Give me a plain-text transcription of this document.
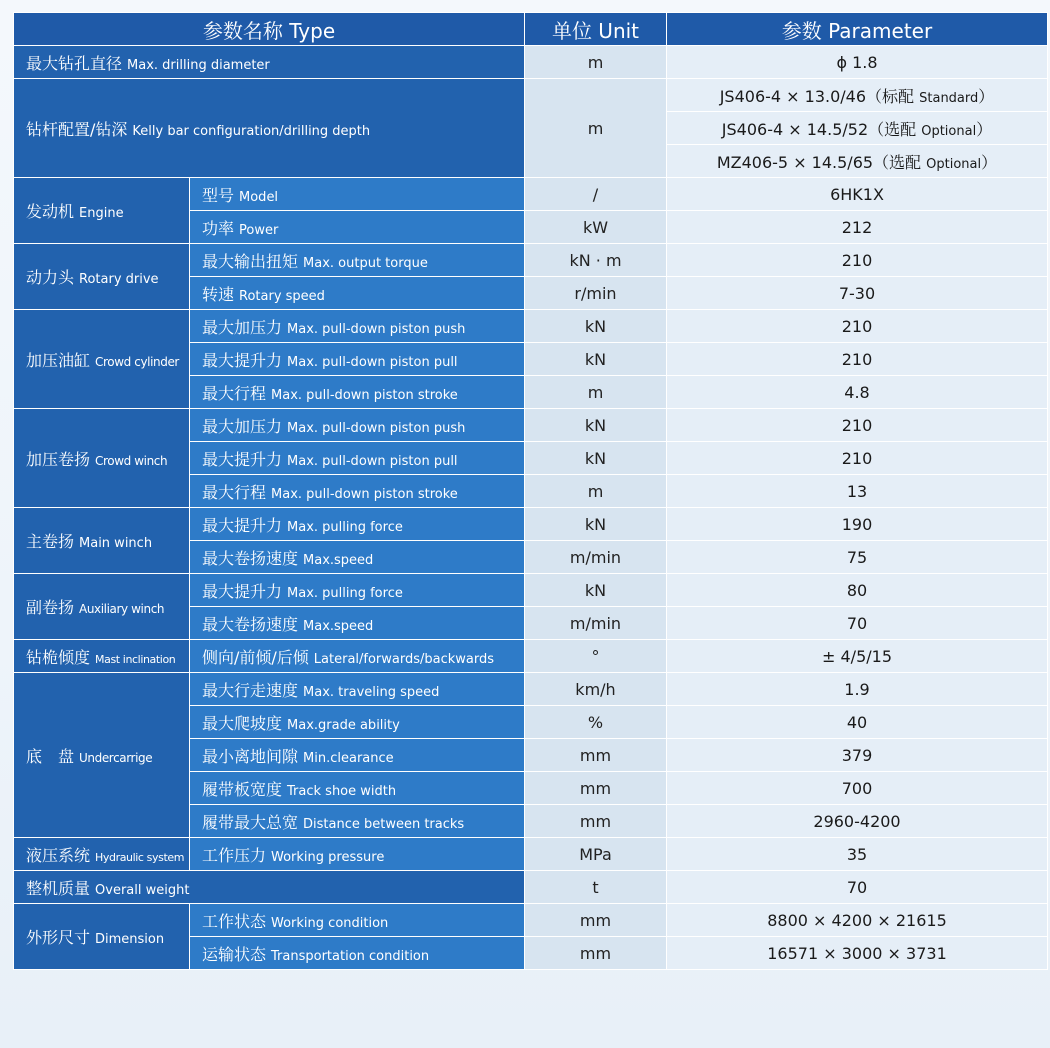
参数名称 Type		单位 Unit	参数 Parameter
最大钻孔直径 Max. drilling diameter		m	ϕ 1.8
钻杆配置/钻深 Kelly bar configuration/drilling depth		m	JS406-4 × 13.0/46（标配 Standard）
			JS406-4 × 14.5/52（选配 Optional）
			MZ406-5 × 14.5/65（选配 Optional）
发动机 Engine	型号 Model	/	6HK1X
	功率 Power	kW	212
动力头 Rotary drive	最大输出扭矩 Max. output torque	kN · m	210
	转速 Rotary speed	r/min	7-30
加压油缸 Crowd cylinder	最大加压力 Max. pull-down piston push	kN	210
	最大提升力 Max. pull-down piston pull	kN	210
	最大行程 Max. pull-down piston stroke	m	4.8
加压卷扬 Crowd winch	最大加压力 Max. pull-down piston push	kN	210
	最大提升力 Max. pull-down piston pull	kN	210
	最大行程 Max. pull-down piston stroke	m	13
主卷扬 Main winch	最大提升力 Max. pulling force	kN	190
	最大卷扬速度 Max.speed	m/min	75
副卷扬 Auxiliary winch	最大提升力 Max. pulling force	kN	80
	最大卷扬速度 Max.speed	m/min	70
钻桅倾度 Mast inclination	侧向/前倾/后倾 Lateral/forwards/backwards	°	± 4/5/15
底　盘 Undercarrige	最大行走速度 Max. traveling speed	km/h	1.9
	最大爬坡度 Max.grade ability	%	40
	最小离地间隙 Min.clearance	mm	379
	履带板宽度 Track shoe width	mm	700
	履带最大总宽 Distance between tracks	mm	2960-4200
液压系统 Hydraulic system	工作压力 Working pressure	MPa	35
整机质量 Overall weight		t	70
外形尺寸 Dimension	工作状态 Working condition	mm	8800 × 4200 × 21615
	运输状态 Transportation condition	mm	16571 × 3000 × 3731
